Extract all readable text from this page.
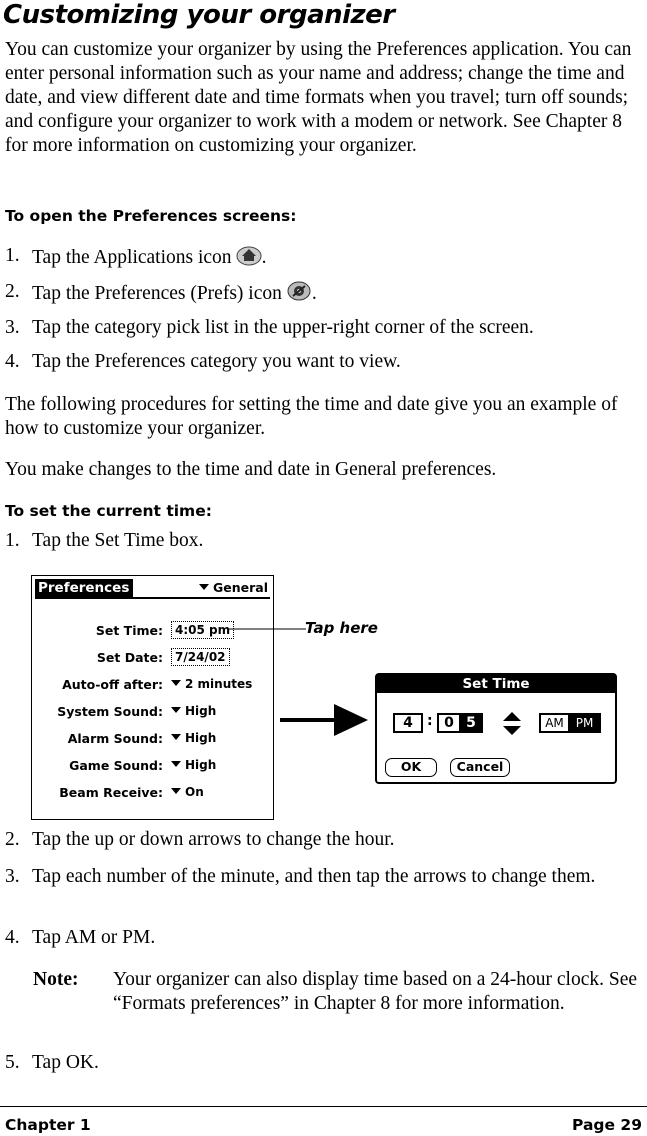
Customizing your organizer
You can customize your organizer by using the Preferences application. You can enter personal information such as your name and address; change the time and date, and view different date and time formats when you travel; turn off sounds; and configure your organizer to work with a modem or network. See Chapter 8 for more information on customizing your organizer.
To open the Preferences screens:
1. Tap the Applications icon .
2. Tap the Preferences (Prefs) icon .
3. Tap the category pick list in the upper-right corner of the screen.
4. Tap the Preferences category you want to view.
The following procedures for setting the time and date give you an example of how to customize your organizer.
You make changes to the time and date in General preferences.
To set the current time:
1. Tap the Set Time box.
Preferences	General
Set Time:	4:05 pm
Set Date:	7/24/02
Auto-off after:	2 minutes
System Sound:	High
Alarm Sound:	High
Game Sound:	High
Beam Receive:	On
Tap here
Set Time
4	: 0 5	AM PM
OK	Cancel
2. Tap the up or down arrows to change the hour.
3. Tap each number of the minute, and then tap the arrows to change them.
4. Tap AM or PM.
Note: Your organizer can also display time based on a 24-hour clock. See “Formats preferences” in Chapter 8 for more information.
5. Tap OK.
Chapter 1	Page 29
